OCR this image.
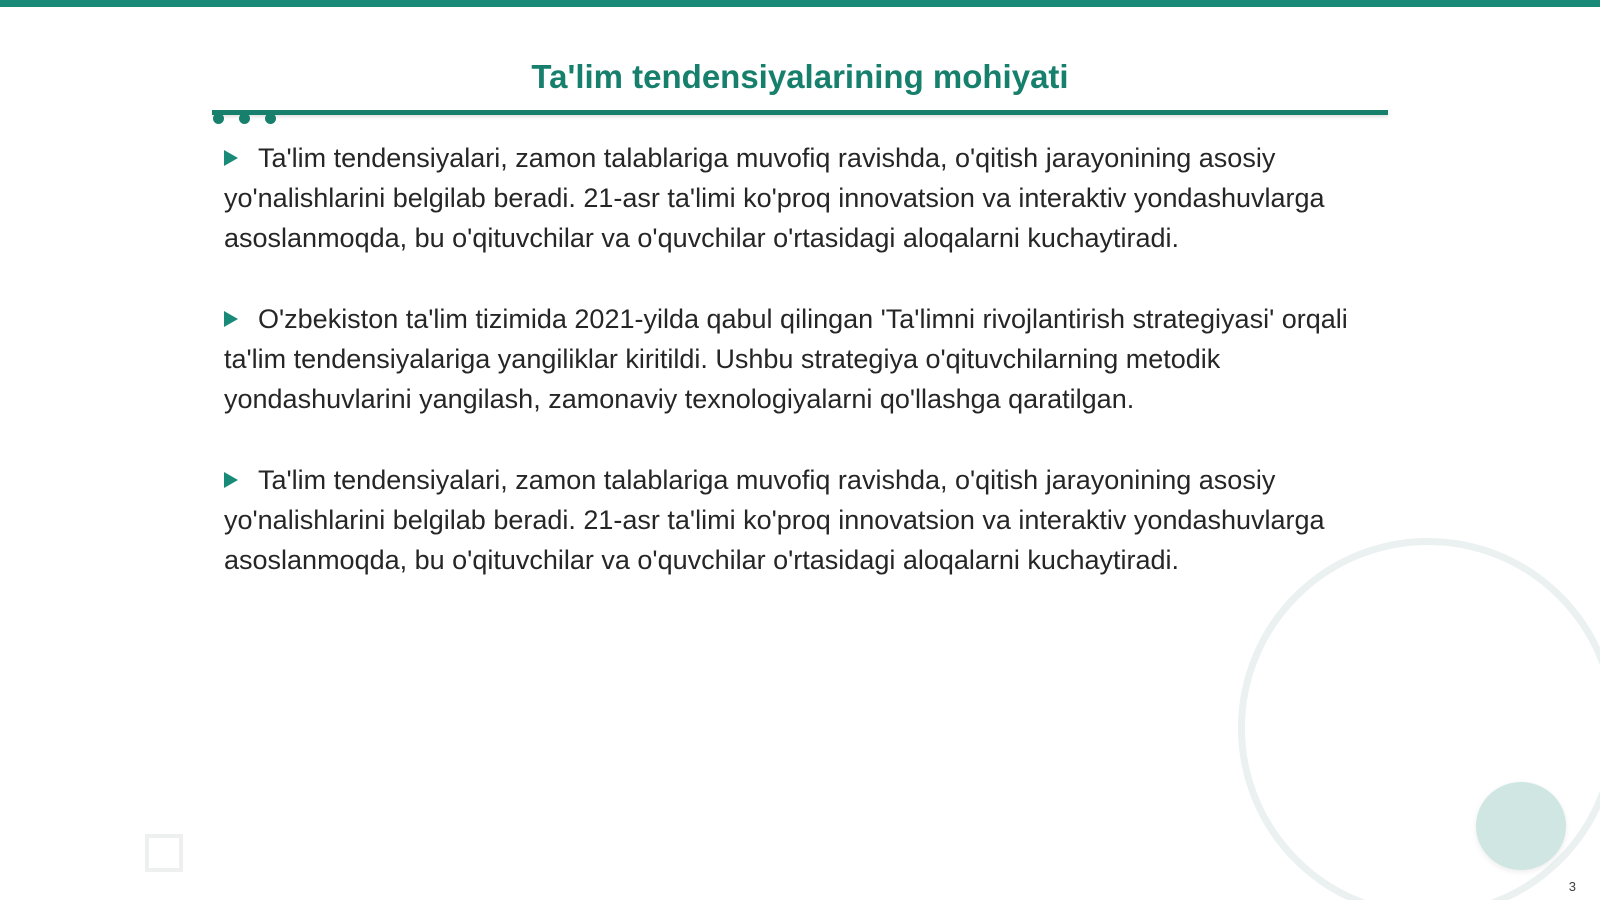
Ta'lim tendensiyalarining mohiyati

Ta'lim tendensiyalari, zamon talablariga muvofiq ravishda, o'qitish jarayonining asosiy yo'nalishlarini belgilab beradi. 21-asr ta'limi ko'proq innovatsion va interaktiv yondashuvlarga asoslanmoqda, bu o'qituvchilar va o'quvchilar o'rtasidagi aloqalarni kuchaytiradi.

O'zbekiston ta'lim tizimida 2021-yilda qabul qilingan 'Ta'limni rivojlantirish strategiyasi' orqali ta'lim tendensiyalariga yangiliklar kiritildi. Ushbu strategiya o'qituvchilarning metodik yondashuvlarini yangilash, zamonaviy texnologiyalarni qo'llashga qaratilgan.

Ta'lim tendensiyalari, zamon talablariga muvofiq ravishda, o'qitish jarayonining asosiy yo'nalishlarini belgilab beradi. 21-asr ta'limi ko'proq innovatsion va interaktiv yondashuvlarga asoslanmoqda, bu o'qituvchilar va o'quvchilar o'rtasidagi aloqalarni kuchaytiradi.

3
